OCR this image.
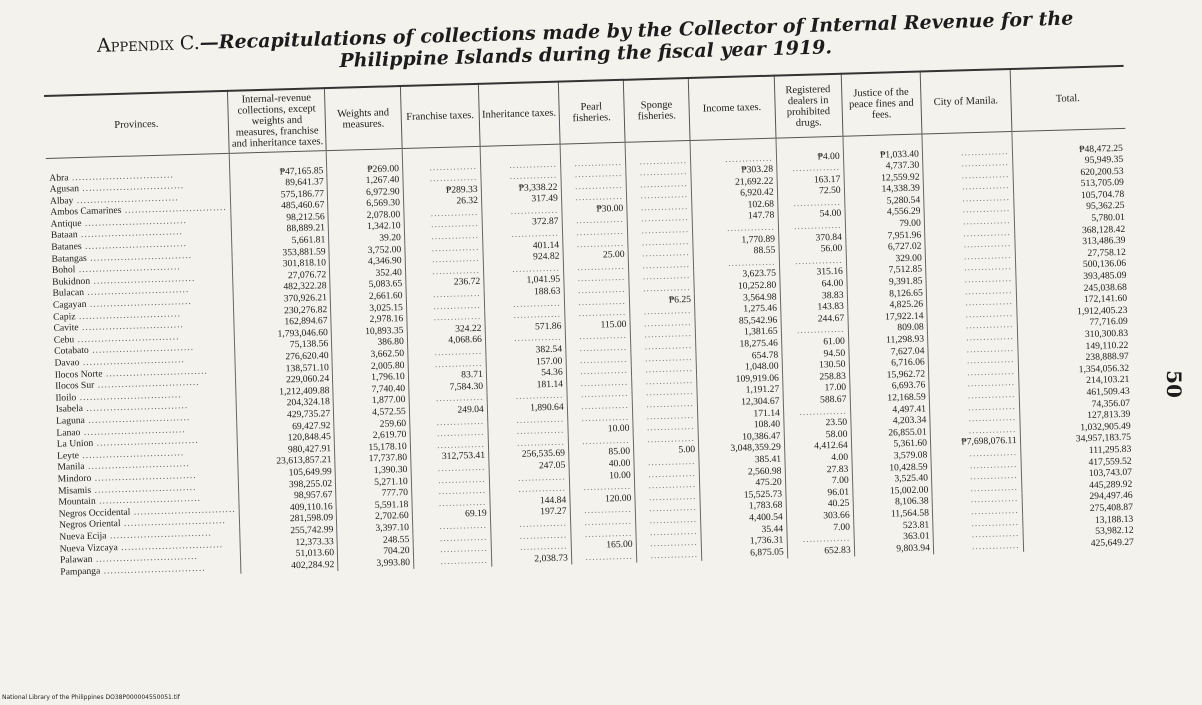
Appendix C.—Recapitulations of collections made by the Collector of Internal Revenue for the Philippine Islands during the fiscal year 1919.
50
Provinces.	Internal-revenue collections, except weights and measures, franchise and inheritance taxes.	Weights and measures.	Franchise taxes.	Inheritance taxes.	Pearl fisheries.	Sponge fisheries.	Income taxes.	Registered dealers in prohibited drugs.	Justice of the peace fines and fees.	City of Manila.	Total.
Abra ..............................	₱47,165.85	₱269.00	..............	..............	..............	..............	..............	₱4.00	₱1,033.40	..............	₱48,472.25
Agusan ..............................	89,641.37	1,267.40	..............	..............	..............	..............	₱303.28	..............	4,737.30	..............	95,949.35
Albay ..............................	575,186.77	6,972.90	₱289.33	₱3,338.22	..............	..............	21,692.22	163.17	12,559.92	..............	620,200.53
Ambos Camarines ..............................	485,460.67	6,569.30	26.32	317.49	..............	..............	6,920.42	72.50	14,338.39	..............	513,705.09
Antique ..............................	98,212.56	2,078.00	..............	..............	₱30.00	..............	102.68	..............	5,280.54	..............	105,704.78
Bataan ..............................	88,889.21	1,342.10	..............	372.87	..............	..............	147.78	54.00	4,556.29	..............	95,362.25
Batanes ..............................	5,661.81	39.20	..............	..............	..............	..............	..............	..............	79.00	..............	5,780.01
Batangas ..............................	353,881.59	3,752.00	..............	401.14	..............	..............	1,770.89	370.84	7,951.96	..............	368,128.42
Bohol ..............................	301,818.10	4,346.90	..............	924.82	25.00	..............	88.55	56.00	6,727.02	..............	313,486.39
Bukidnon ..............................	27,076.72	352.40	..............	..............	..............	..............	..............	..............	329.00	..............	27,758.12
Bulacan ..............................	482,322.28	5,083.65	236.72	1,041.95	..............	..............	3,623.75	315.16	7,512.85	..............	500,136.06
Cagayan ..............................	370,926.21	2,661.60	..............	188.63	..............	..............	10,252.80	64.00	9,391.85	..............	393,485.09
Capiz ..............................	230,276.82	3,025.15	..............	..............	..............	₱6.25	3,564.98	38.83	8,126.65	..............	245,038.68
Cavite ..............................	162,894.67	2,978.16	..............	..............	..............	..............	1,275.46	143.83	4,825.26	..............	172,141.60
Cebu ..............................	1,793,046.60	10,893.35	324.22	571.86	115.00	..............	85,542.96	244.67	17,922.14	..............	1,912,405.23
Cotabato ..............................	75,138.56	386.80	4,068.66	..............	..............	..............	1,381.65	..............	809.08	..............	77,716.09
Davao ..............................	276,620.40	3,662.50	..............	382.54	..............	..............	18,275.46	61.00	11,298.93	..............	310,300.83
Ilocos Norte ..............................	138,571.10	2,005.80	..............	157.00	..............	..............	654.78	94.50	7,627.04	..............	149,110.22
Ilocos Sur ..............................	229,060.24	1,796.10	83.71	54.36	..............	..............	1,048.00	130.50	6,716.06	..............	238,888.97
Iloilo ..............................	1,212,409.88	7,740.40	7,584.30	181.14	..............	..............	109,919.06	258.83	15,962.72	..............	1,354,056.32
Isabela ..............................	204,324.18	1,877.00	..............	..............	..............	..............	1,191.27	17.00	6,693.76	..............	214,103.21
Laguna ..............................	429,735.27	4,572.55	249.04	1,890.64	..............	..............	12,304.67	588.67	12,168.59	..............	461,509.43
Lanao ..............................	69,427.92	259.60	..............	..............	..............	..............	171.14	..............	4,497.41	..............	74,356.07
La Union ..............................	120,848.45	2,619.70	..............	..............	10.00	..............	108.40	23.50	4,203.34	..............	127,813.39
Leyte ..............................	980,427.91	15,178.10	..............	..............	..............	..............	10,386.47	58.00	26,855.01	..............	1,032,905.49
Manila ..............................	23,613,857.21	17,737.80	312,753.41	256,535.69	85.00	5.00	3,048,359.29	4,412.64	5,361.60	₱7,698,076.11	34,957,183.75
Mindoro ..............................	105,649.99	1,390.30	..............	247.05	40.00	..............	385.41	4.00	3,579.08	..............	111,295.83
Misamis ..............................	398,255.02	5,271.10	..............	..............	10.00	..............	2,560.98	27.83	10,428.59	..............	417,559.52
Mountain ..............................	98,957.67	777.70	..............	..............	..............	..............	475.20	7.00	3,525.40	..............	103,743.07
Negros Occidental ..............................	409,110.16	5,591.18	..............	144.84	120.00	..............	15,525.73	96.01	15,002.00	..............	445,289.92
Negros Oriental ..............................	281,598.09	2,702.60	69.19	197.27	..............	..............	1,783.68	40.25	8,106.38	..............	294,497.46
Nueva Ecija ..............................	255,742.99	3,397.10	..............	..............	..............	..............	4,400.54	303.66	11,564.58	..............	275,408.87
Nueva Vizcaya ..............................	12,373.33	248.55	..............	..............	..............	..............	35.44	7.00	523.81	..............	13,188.13
Palawan ..............................	51,013.60	704.20	..............	..............	165.00	..............	1,736.31	..............	363.01	..............	53,982.12
Pampanga ..............................	402,284.92	3,993.80	..............	2,038.73	..............	..............	6,875.05	652.83	9,803.94	..............	425,649.27
National Library of the Philippines DO38P000004550051.tif
